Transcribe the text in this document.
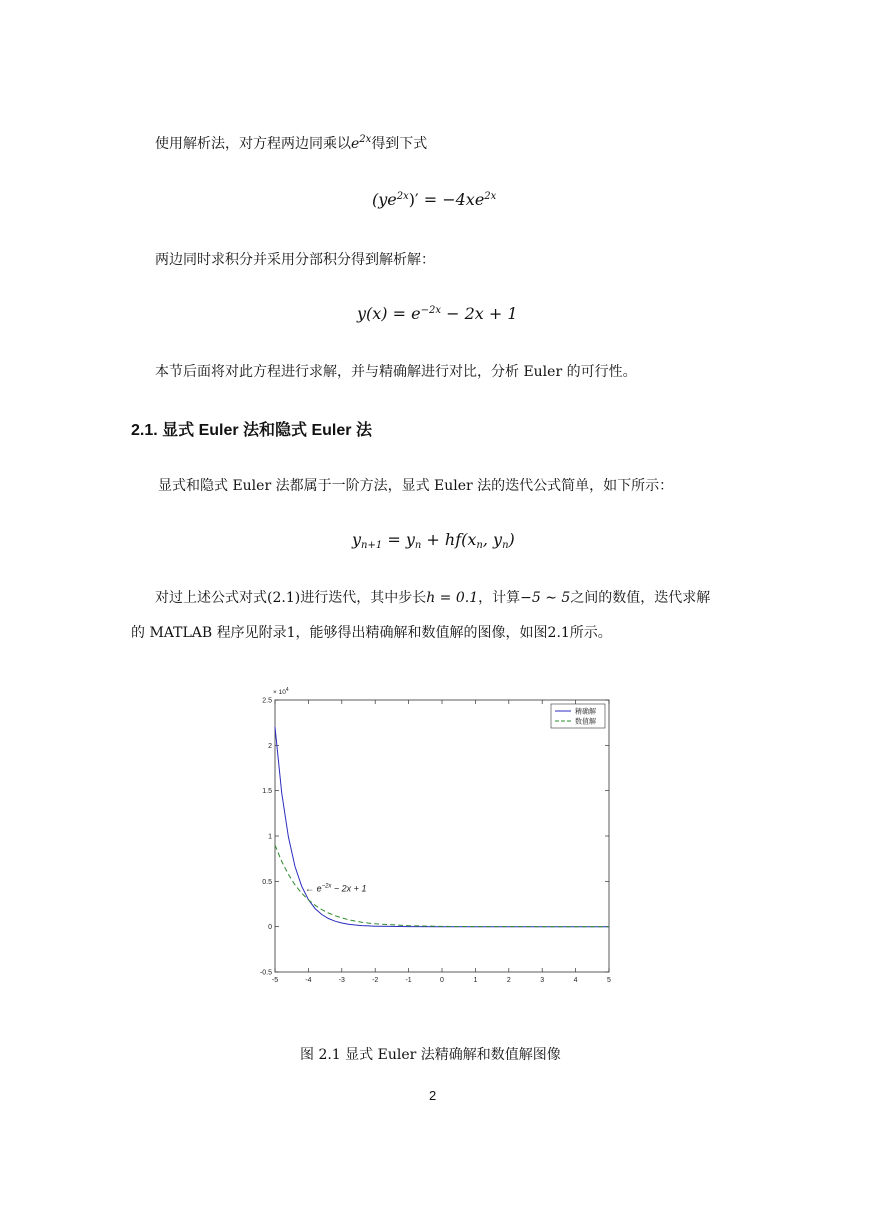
使用解析法，对方程两边同乘以$e^{2x}$得到下式
$(ye^{2x})' = -4xe^{2x}$
两边同时求积分并采用分部积分得到解析解：
$y(x) = e^{-2x} - 2x + 1$
本节后面将对此方程进行求解，并与精确解进行对比，分析 Euler 的可行性。
2.1. 显式 Euler 法和隐式 Euler 法
显式和隐式 Euler 法都属于一阶方法，显式 Euler 法的迭代公式简单，如下所示：
$y_{n+1} = y_n + hf(x_n$, $y_n$)
对过上述公式对式(2.1)进行迭代，其中步长h = 0.1，计算−5 ∼ 5之间的数值，迭代求解
的 MATLAB 程序见附录1，能够得出精确解和数值解的图像，如图2.1所示。
-5	-4	-3	-2	-1	0	1	2	3	4	5
-0.5
0
0.5
1
1.5
2
2.5
× $10^4$
精确解
数值解
← $e^{-2x} - 2x + 1$
图 2.1 显式 Euler 法精确解和数值解图像
2
